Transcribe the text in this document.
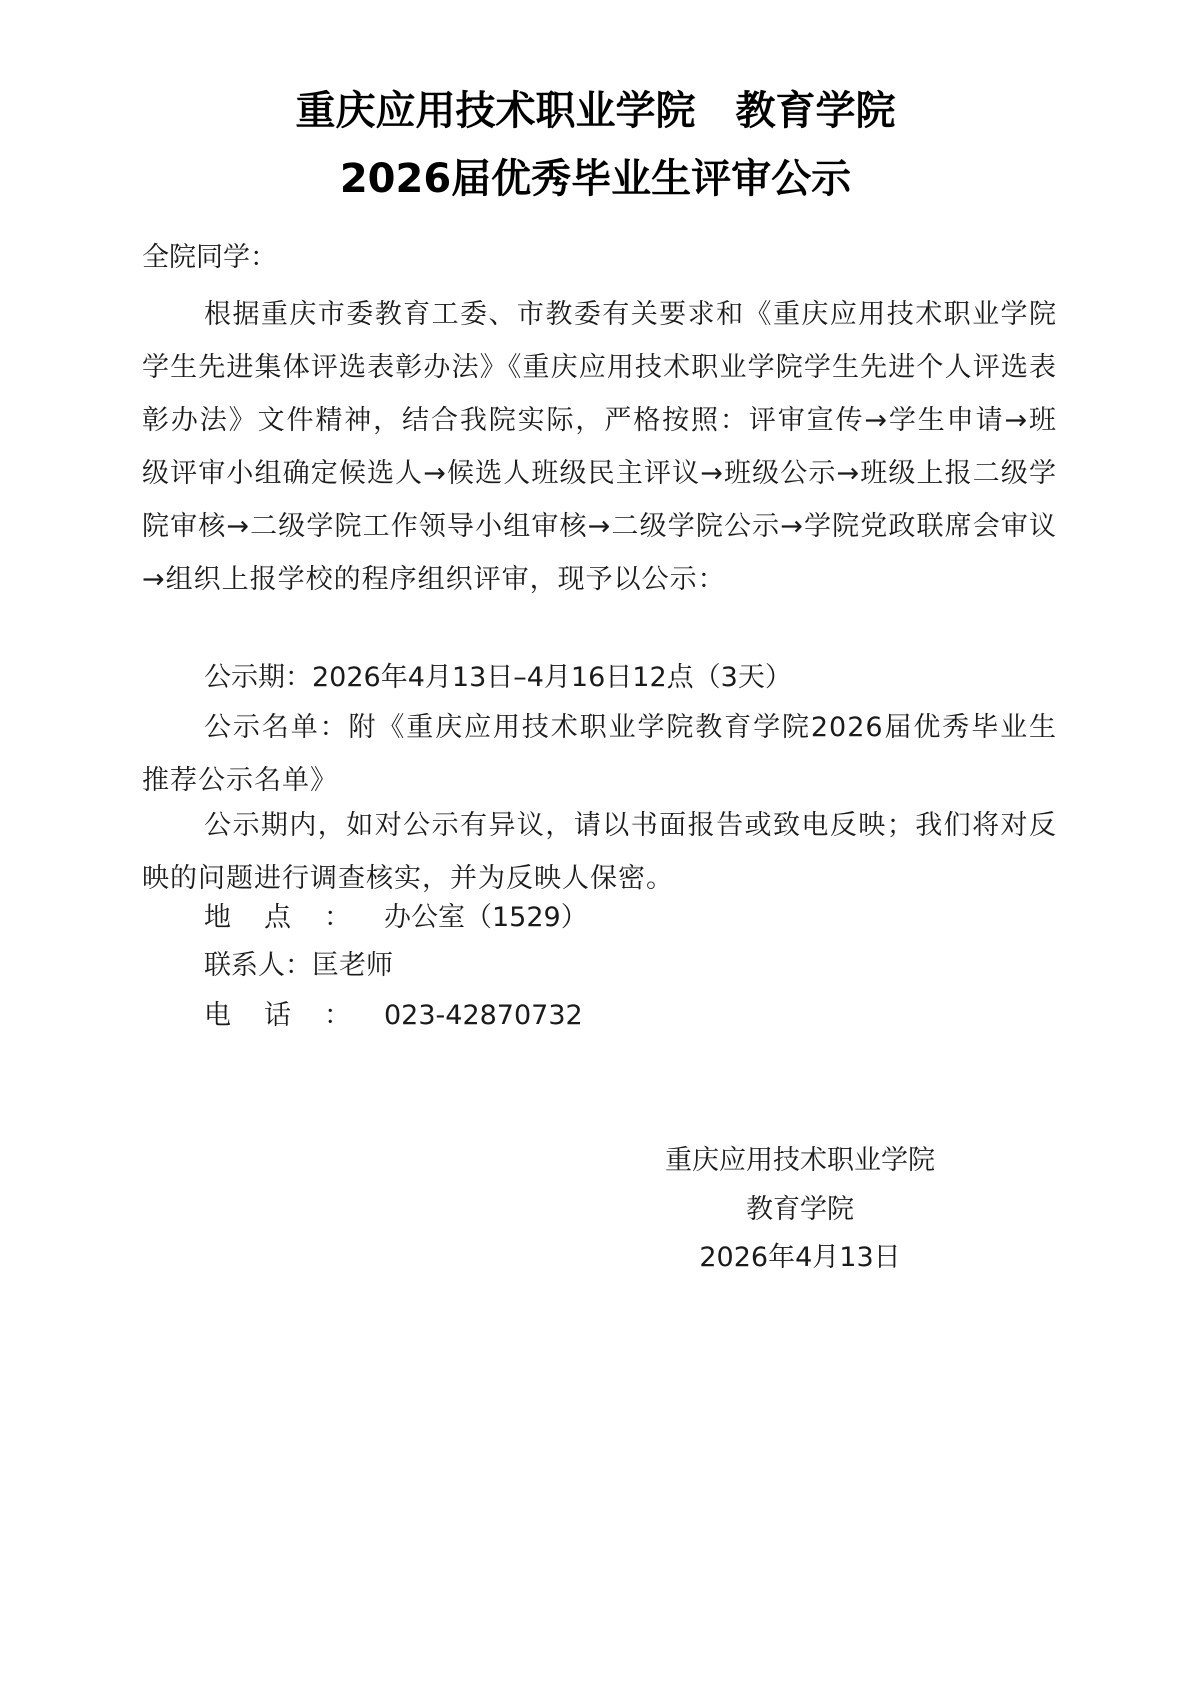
重庆应用技术职业学院　教育学院
2026届优秀毕业生评审公示
全院同学：
根据重庆市委教育工委、市教委有关要求和《重庆应用技术职业学院学生先进集体评选表彰办法》《重庆应用技术职业学院学生先进个人评选表彰办法》文件精神，结合我院实际，严格按照：评审宣传→学生申请→班级评审小组确定候选人→候选人班级民主评议→班级公示→班级上报二级学院审核→二级学院工作领导小组审核→二级学院公示→学院党政联席会审议→组织上报学校的程序组织评审，现予以公示：
公示期：2026年4月13日–4月16日12点（3天）
公示名单：附《重庆应用技术职业学院教育学院2026届优秀毕业生推荐公示名单》
公示期内，如对公示有异议，请以书面报告或致电反映；我们将对反映的问题进行调查核实，并为反映人保密。
地点：办公室（1529）
联系人：匡老师
电话：023-42870732
重庆应用技术职业学院
教育学院
2026年4月13日
